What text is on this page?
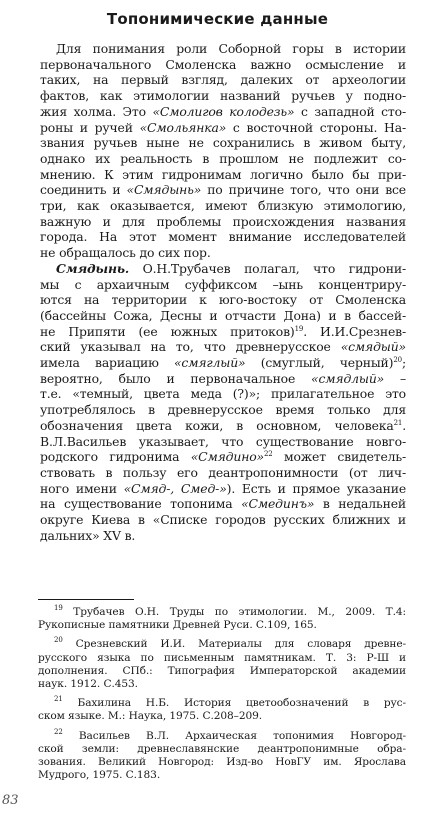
Топонимические данные

Для понимания роли Соборной горы в истории
первоначального Смоленска важно осмысление и
таких, на первый взгляд, далеких от археологии
фактов, как этимологии названий ручьев у подно-
жия холма. Это «Смолигов колодезь» с западной сто-
роны и ручей «Смольянка» с восточной стороны. На-
звания ручьев ныне не сохранились в живом быту,
однако их реальность в прошлом не подлежит со-
мнению. К этим гидронимам логично было бы при-
соединить и «Смядынь» по причине того, что они все
три, как оказывается, имеют близкую этимологию,
важную и для проблемы происхождения названия
города. На этот момент внимание исследователей
не обращалось до сих пор.

Смядынь. О.Н.Трубачев полагал, что гидрони-
мы с архаичным суффиксом –ынь концентриру-
ются на территории к юго-востоку от Смоленска
(бассейны Сожа, Десны и отчасти Дона) и в бассей-
не Припяти (ее южных притоков)$^{19}$. И.И.Срезнев-
ский указывал на то, что древнерусское «смядый»
имела вариацию «смяглый» (смуглый, черный)$^{20}$;
вероятно, было и первоначальное «смядлый» –
т.е. «темный, цвета меда (?)»; прилагательное это
употреблялось в древнерусское время только для
обозначения цвета кожи, в основном, человека$^{21}$.
В.Л.Васильев указывает, что существование новго-
родского гидронима «Смядино»$^{22}$ может свидетель-
ствовать в пользу его деантропонимности (от лич-
ного имени «Смяд-, Смед-»). Есть и прямое указание
на существование топонима «Смединъ» в недальней
округе Киева в «Списке городов русских ближних и
дальних» XV в.

$^{19}$ Трубачев О.Н. Труды по этимологии. М., 2009. Т.4:
Рукописные памятники Древней Руси. С.109, 165.
$^{20}$ Срезневский И.И. Материалы для словаря древне-
русского языка по письменным памятникам. Т. 3: Р-Ш и
дополнения. СПб.: Типография Императорской академии
наук. 1912. С.453.
$^{21}$ Бахилина Н.Б. История цветообозначений в рус-
ском языке. М.: Наука, 1975. С.208–209.
$^{22}$ Васильев В.Л. Архаическая топонимия Новгород-
ской земли: древнеславянские деантропонимные обра-
зования. Великий Новгород: Изд-во НовГУ им. Ярослава
Мудрого, 1975. С.183.
83
